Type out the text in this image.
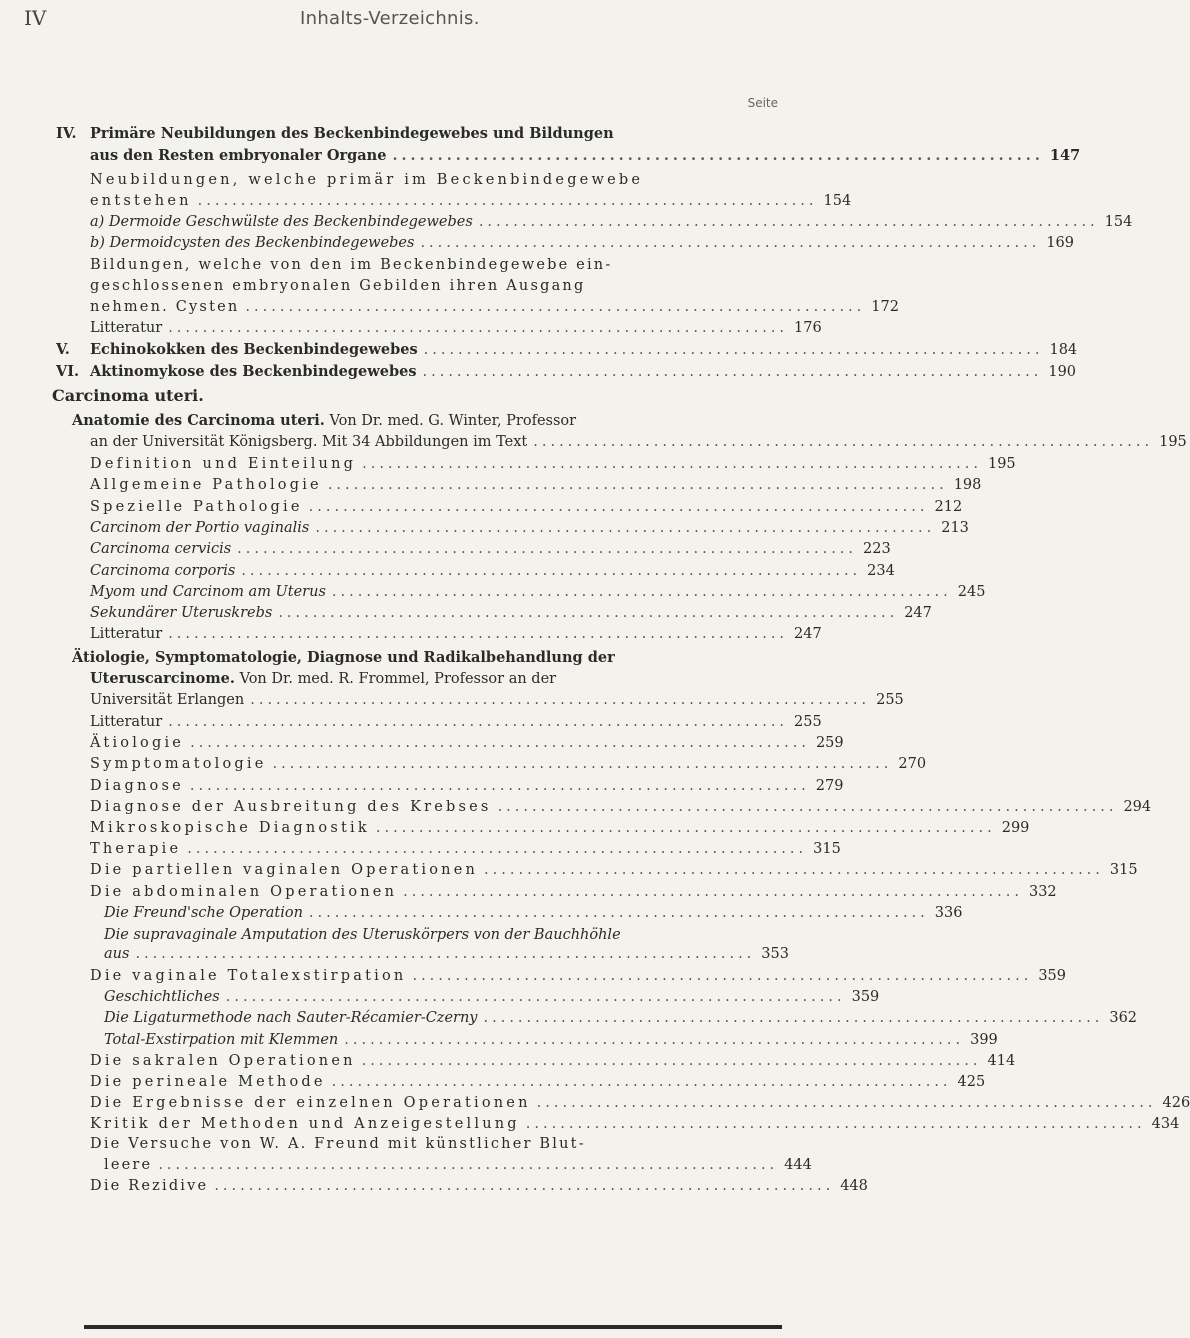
IV	Inhalts-Verzeichnis.
Seite
IV. Primäre Neubildungen des Beckenbindegewebes und Bildungen
aus den Resten embryonaler Organe ........................................................................ 147
Neubildungen, welche primär im Beckenbindegewebe
entstehen ........................................................................ 154
a) Dermoide Geschwülste des Beckenbindegewebes ........................................................................ 154
b) Dermoidcysten des Beckenbindegewebes ........................................................................ 169
Bildungen, welche von den im Beckenbindegewebe ein-
geschlossenen embryonalen Gebilden ihren Ausgang
nehmen. Cysten ........................................................................ 172
Litteratur ........................................................................ 176
V. Echinokokken des Beckenbindegewebes ........................................................................ 184
VI. Aktinomykose des Beckenbindegewebes ........................................................................ 190
Carcinoma uteri.
Anatomie des Carcinoma uteri. Von Dr. med. G. Winter, Professor
an der Universität Königsberg. Mit 34 Abbildungen im Text ........................................................................ 195
Definition und Einteilung ........................................................................ 195
Allgemeine Pathologie ........................................................................ 198
Spezielle Pathologie ........................................................................ 212
Carcinom der Portio vaginalis ........................................................................ 213
Carcinoma cervicis ........................................................................ 223
Carcinoma corporis ........................................................................ 234
Myom und Carcinom am Uterus ........................................................................ 245
Sekundärer Uteruskrebs ........................................................................ 247
Litteratur ........................................................................ 247
Ätiologie, Symptomatologie, Diagnose und Radikalbehandlung der
Uteruscarcinome. Von Dr. med. R. Frommel, Professor an der
Universität Erlangen ........................................................................ 255
Litteratur ........................................................................ 255
Ätiologie ........................................................................ 259
Symptomatologie ........................................................................ 270
Diagnose ........................................................................ 279
Diagnose der Ausbreitung des Krebses ........................................................................ 294
Mikroskopische Diagnostik ........................................................................ 299
Therapie ........................................................................ 315
Die partiellen vaginalen Operationen ........................................................................ 315
Die abdominalen Operationen ........................................................................ 332
Die Freund'sche Operation ........................................................................ 336
Die supravaginale Amputation des Uteruskörpers von der Bauchhöhle
aus ........................................................................ 353
Die vaginale Totalexstirpation ........................................................................ 359
Geschichtliches ........................................................................ 359
Die Ligaturmethode nach Sauter-Récamier-Czerny ........................................................................ 362
Total-Exstirpation mit Klemmen ........................................................................ 399
Die sakralen Operationen ........................................................................ 414
Die perineale Methode ........................................................................ 425
Die Ergebnisse der einzelnen Operationen ........................................................................ 426
Kritik der Methoden und Anzeigestellung ........................................................................ 434
Die Versuche von W. A. Freund mit künstlicher Blut-
leere ........................................................................ 444
Die Rezidive ........................................................................ 448
